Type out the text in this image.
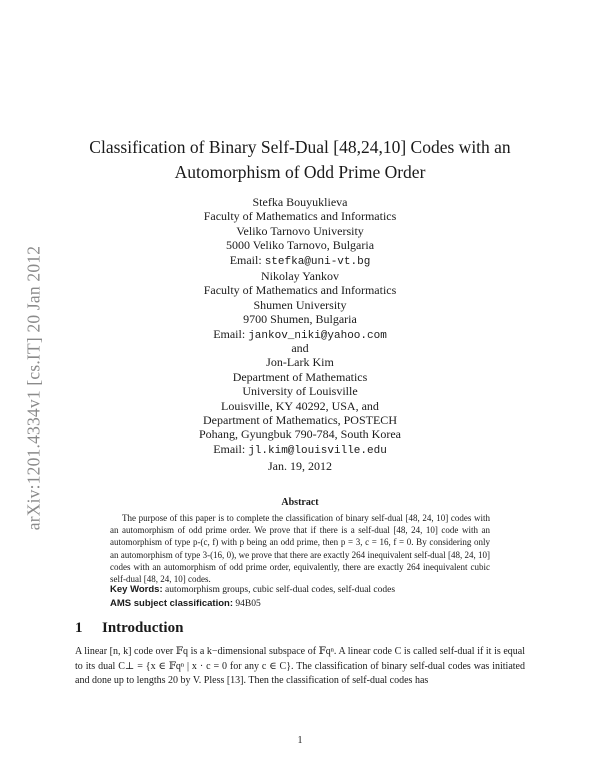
arXiv:1201.4334v1 [cs.IT] 20 Jan 2012
Classification of Binary Self-Dual [48,24,10] Codes with an Automorphism of Odd Prime Order
Stefka Bouyuklieva
Faculty of Mathematics and Informatics
Veliko Tarnovo University
5000 Veliko Tarnovo, Bulgaria
Email: stefka@uni-vt.bg
Nikolay Yankov
Faculty of Mathematics and Informatics
Shumen University
9700 Shumen, Bulgaria
Email: jankov_niki@yahoo.com
and
Jon-Lark Kim
Department of Mathematics
University of Louisville
Louisville, KY 40292, USA, and
Department of Mathematics, POSTECH
Pohang, Gyungbuk 790-784, South Korea
Email: jl.kim@louisville.edu
Jan. 19, 2012
Abstract

The purpose of this paper is to complete the classification of binary self-dual [48, 24, 10] codes with an automorphism of odd prime order. We prove that if there is a self-dual [48, 24, 10] code with an automorphism of type p-(c, f) with p being an odd prime, then p = 3, c = 16, f = 0. By considering only an automorphism of type 3-(16, 0), we prove that there are exactly 264 inequivalent self-dual [48, 24, 10] codes with an automorphism of odd prime order, equivalently, there are exactly 264 inequivalent cubic self-dual [48, 24, 10] codes.

Key Words: automorphism groups, cubic self-dual codes, self-dual codes
AMS subject classification: 94B05
1 Introduction

A linear [n, k] code over 𝔽q is a k−dimensional subspace of 𝔽qⁿ. A linear code C is called self-dual if it is equal to its dual C⊥ = {x ∈ 𝔽qⁿ | x · c = 0 for any c ∈ C}. The classification of binary self-dual codes was initiated and done up to lengths 20 by V. Pless [13]. Then the classification of self-dual codes has

1
